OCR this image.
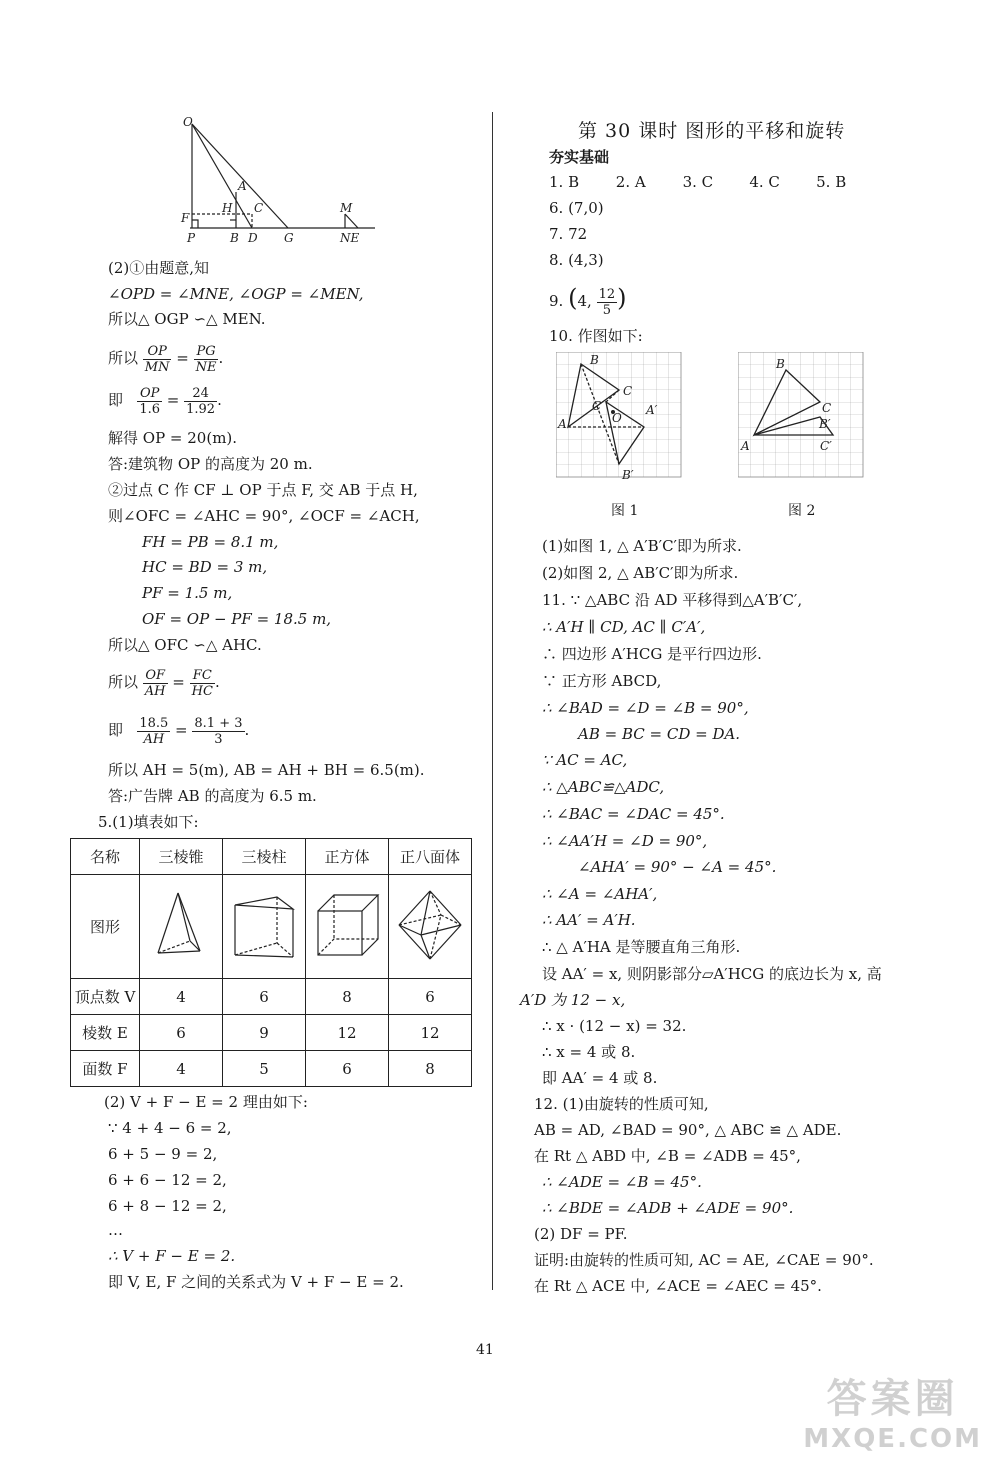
O
A
H C
F
P	B D G
M
NE
(2)①由题意,知
∠OPD = ∠MNE, ∠OGP = ∠MEN,
所以△ OGP ∽△ MEN.
所以 $\frac{OP}{MN} = \frac{PG}{NE}$ .
即 $\frac{OP}{1.6} = \frac{24}{1.92}$ .
解得 OP = 20(m).
答:建筑物 OP 的高度为 20 m.
②过点 C 作 CF ⊥ OP 于点 F, 交 AB 于点 H,
则∠OFC = ∠AHC = 90°, ∠OCF = ∠ACH,
FH = PB = 8.1 m,
HC = BD = 3 m,
PF = 1.5 m,
OF = OP − PF = 18.5 m,
所以△ OFC ∽△ AHC.
所以 $\frac{OF}{AH} = \frac{FC}{HC}$ .
即 $\frac{18.5}{AH} = \frac{8.1 + 3}{3}$ .
所以 AH = 5(m), AB = AH + BH = 6.5(m).
答:广告牌 AB 的高度为 6.5 m.
5.(1)填表如下:
名称	三棱锥	三棱柱	正方体	正八面体
图形				
顶点数 V	4	6	8	6
棱数 E	6	9	12	12
面数 F	4	5	6	8
(2) V + F − E = 2 理由如下:
∵ 4 + 4 − 6 = 2,
6 + 5 − 9 = 2,
6 + 6 − 12 = 2,
6 + 8 − 12 = 2,
…
∴ V + F − E = 2.
即 V, E, F 之间的关系式为 V + F − E = 2.
第 30 课时 图形的平移和旋转
夯实基础
1. B 2. A 3. C 4. C 5. B
6. (7,0)
7. 72
8. (4,3)
9. (4, $\frac{12}{5}$ )
10. 作图如下:
B
C
O
A′
A
C′
B′
图 1
B
C
B′
A	C′
图 2
(1)如图 1, △ A′B′C′即为所求.
(2)如图 2, △ AB′C′即为所求.
11. ∵ △ABC 沿 AD 平移得到△A′B′C′,
∴ A′H ∥ CD, AC ∥ C′A′,
∴ 四边形 A′HCG 是平行四边形.
∵ 正方形 ABCD,
∴ ∠BAD = ∠D = ∠B = 90°,
AB = BC = CD = DA.
∵ AC = AC,
∴ △ABC≌△ADC,
∴ ∠BAC = ∠DAC = 45°.
∴ ∠AA′H = ∠D = 90°,
∠AHA′ = 90° − ∠A = 45°.
∴ ∠A = ∠AHA′,
∴ AA′ = A′H.
∴ △ A′HA 是等腰直角三角形.
设 AA′ = x, 则阴影部分▱A′HCG 的底边长为 x, 高
A′D 为 12 − x,
∴ x · (12 − x) = 32.
∴ x = 4 或 8.
即 AA′ = 4 或 8.
12. (1)由旋转的性质可知,
AB = AD, ∠BAD = 90°, △ ABC ≌ △ ADE.
在 Rt △ ABD 中, ∠B = ∠ADB = 45°,
∴ ∠ADE = ∠B = 45°.
∴ ∠BDE = ∠ADB + ∠ADE = 90°.
(2) DF = PF.
证明:由旋转的性质可知, AC = AE, ∠CAE = 90°.
在 Rt △ ACE 中, ∠ACE = ∠AEC = 45°.
41
答案圈
MXQE.COM
